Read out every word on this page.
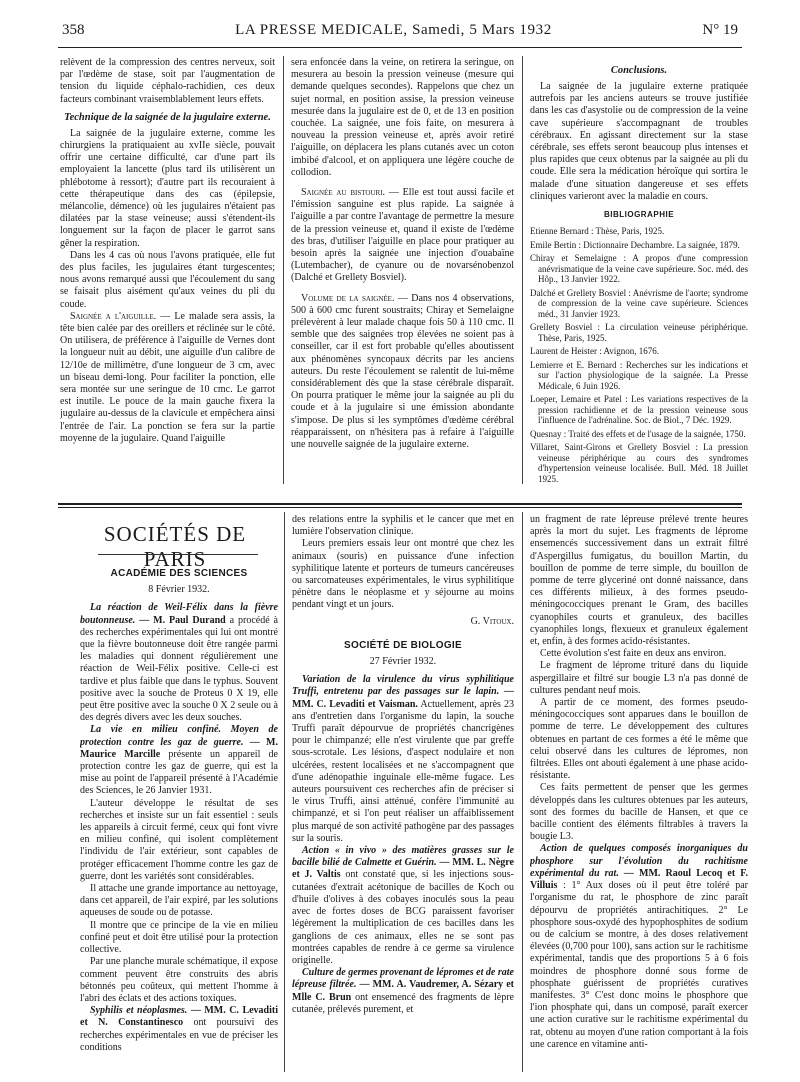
358	LA PRESSE MEDICALE, Samedi, 5 Mars 1932	N° 19

relèvent de la compression des centres nerveux, soit par l'œdème de stase, soit par l'augmentation de tension du liquide céphalo-rachidien, ces deux facteurs combinant vraisemblablement leurs effets.

Technique de la saignée de la jugulaire externe.

La saignée de la jugulaire externe, comme les chirurgiens la pratiquaient au xvIIe siècle, pouvait offrir une certaine difficulté, car d'une part ils employaient la lancette (plus tard ils utilisèrent un phlébotome à ressort); d'autre part ils recouraient à cette thérapeutique dans des cas (épilepsie, mélancolie, démence) où les jugulaires n'étaient pas dilatées par la stase veineuse; aussi s'étendent-ils longuement sur la façon de placer le garrot sans gêner la respiration.

Dans les 4 cas où nous l'avons pratiquée, elle fut des plus faciles, les jugulaires étant turgescentes; nous avons remarqué aussi que l'écoulement du sang se faisait plus aisément qu'aux veines du pli du coude.

Saignée a l'aiguille. — Le malade sera assis, la tête bien calée par des oreillers et réclinée sur le côté. On utilisera, de préférence à l'aiguille de Vernes dont la longueur nuit au débit, une aiguille d'un calibre de 12/10e de millimètre, d'une longueur de 3 cm, avec un biseau demi-long. Pour faciliter la ponction, elle sera montée sur une seringue de 10 cmc. Le garrot est inutile. Le pouce de la main gauche fixera la jugulaire au-dessus de la clavicule et empêchera ainsi l'entrée de l'air. La ponction se fera sur la partie moyenne de la jugulaire. Quand l'aiguille

sera enfoncée dans la veine, on retirera la seringue, on mesurera au besoin la pression veineuse (mesure qui demande quelques secondes). Rappelons que chez un sujet normal, en position assise, la pression veineuse mesurée dans la jugulaire est de 0, et de 13 en position couchée. La saignée, une fois faite, on mesurera à nouveau la pression veineuse et, après avoir retiré l'aiguille, on déplacera les plans cutanés avec un coton imbibé d'alcool, et on appliquera une légère couche de collodion.

Saignée au bistouri. — Elle est tout aussi facile et l'émission sanguine est plus rapide. La saignée à l'aiguille a par contre l'avantage de permettre la mesure de la pression veineuse et, quand il existe de l'œdème des bras, d'utiliser l'aiguille en place pour pratiquer au besoin après la saignée une injection d'ouabaïne (Lutembacher), de cyanure ou de novarsénobenzol (Dalché et Grellety Bosviel).

Volume de la saignée. — Dans nos 4 observations, 500 à 600 cmc furent soustraits; Chiray et Semelaigne prélevèrent à leur malade chaque fois 50 à 110 cmc. Il semble que des saignées trop élevées ne soient pas à conseiller, car il est fort probable qu'elles aboutissent aux phénomènes syncopaux décrits par les anciens auteurs. Du reste l'écoulement se ralentit de lui-même considérablement dès que la stase cérébrale disparaît. On pourra pratiquer le même jour la saignée au pli du coude et à la jugulaire si une émission abondante s'impose. De plus si les symptômes d'œdème cérébral réapparaissent, on n'hésitera pas à refaire à l'aiguille une nouvelle saignée de la jugulaire externe.

Conclusions.

La saignée de la jugulaire externe pratiquée autrefois par les anciens auteurs se trouve justifiée dans les cas d'asystolie ou de compression de la veine cave supérieure s'accompagnant de troubles cérébraux. En agissant directement sur la stase cérébrale, ses effets seront beaucoup plus intenses et plus rapides que ceux obtenus par la saignée au pli du coude. Elle sera la médication héroïque qui sortira le malade d'une situation dangereuse et ses effets cliniques varieront avec la maladie en cours.

BIBLIOGRAPHIE
Etienne Bernard : Thèse, Paris, 1925.
Emile Bertin : Dictionnaire Dechambre. La saignée, 1879.
Chiray et Semelaigne : A propos d'une compression anévrismatique de la veine cave supérieure. Soc. méd. des Hôp., 13 Janvier 1922.
Dalché et Grellety Bosviel : Anévrisme de l'aorte; syndrome de compression de la veine cave supérieure. Sciences méd., 31 Janvier 1923.
Grellety Bosviel : La circulation veineuse périphérique. Thèse, Paris, 1925.
Laurent de Heister : Avignon, 1676.
Lemierre et E. Bernard : Recherches sur les indications et sur l'action physiologique de la saignée. La Presse Médicale, 6 Juin 1926.
Loeper, Lemaire et Patel : Les variations respectives de la pression rachidienne et de la pression veineuse sous l'influence de l'adrénaline. Soc. de Biol., 7 Déc. 1929.
Quesnay : Traité des effets et de l'usage de la saignée, 1750.
Villaret, Saint-Girons et Grellety Bosviel : La pression veineuse périphérique au cours des syndromes d'hypertension veineuse localisée. Bull. Méd. 18 Juillet 1925.
SOCIÉTÉS DE PARIS
ACADÉMIE DES SCIENCES
8 Février 1932.

La réaction de Weil-Félix dans la fièvre boutonneuse. — M. Paul Durand a procédé à des recherches expérimentales qui lui ont montré que la fièvre boutonneuse doit être rangée parmi les maladies qui donnent régulièrement une réaction de Weil-Félix positive. Celle-ci est tardive et plus faible que dans le typhus. Souvent positive avec la souche de Proteus 0 X 19, elle peut être positive avec la souche 0 X 2 seule ou à des degrés divers avec les deux souches.

La vie en milieu confiné. Moyen de protection contre les gaz de guerre. — M. Maurice Marcille présente un appareil de protection contre les gaz de guerre, qui est la mise au point de l'appareil présenté à l'Académie des Sciences, le 26 Janvier 1931.

L'auteur développe le résultat de ses recherches et insiste sur un fait essentiel : seuls les appareils à circuit fermé, ceux qui font vivre en milieu confiné, qui isolent complètement l'individu de l'air extérieur, sont capables de protéger efficacement l'homme contre les gaz de guerre, dont les variétés sont considérables.

Il attache une grande importance au nettoyage, dans cet appareil, de l'air expiré, par les solutions aqueuses de soude ou de potasse.

Il montre que ce principe de la vie en milieu confiné peut et doit être utilisé pour la protection collective.

Par une planche murale schématique, il expose comment peuvent être construits des abris bétonnés peu coûteux, qui mettent l'homme à l'abri des éclats et des actions toxiques.

Syphilis et néoplasmes. — MM. C. Levaditi et N. Constantinesco ont poursuivi des recherches expérimentales en vue de préciser les conditions

des relations entre la syphilis et le cancer que met en lumière l'observation clinique.

Leurs premiers essais leur ont montré que chez les animaux (souris) en puissance d'une infection syphilitique latente et porteurs de tumeurs cancéreuses ou sarcomateuses expérimentales, le virus syphilitique pénètre dans le néoplasme et y séjourne au moins pendant vingt et un jours.

G. Vitoux.
SOCIÉTÉ DE BIOLOGIE
27 Février 1932.

Variation de la virulence du virus syphilitique Truffi, entretenu par des passages sur le lapin. — MM. C. Levaditi et Vaisman. Actuellement, après 23 ans d'entretien dans l'organisme du lapin, la souche Truffi paraît dépourvue de propriétés chancrigènes pour le chimpanzé; elle n'est virulente que par greffe sous-scrotale. Les lésions, d'aspect nodulaire et non ulcérées, restent localisées et ne s'accompagnent que d'une adénopathie inguinale elle-même fugace. Les auteurs poursuivent ces recherches afin de préciser si le virus Truffi, ainsi atténué, confère l'immunité au chimpanzé, et si l'on peut réaliser un affaiblissement plus marqué de son activité pathogène par des passages sur la souris.

Action « in vivo » des matières grasses sur le bacille bilié de Calmette et Guérin. — MM. L. Nègre et J. Valtis ont constaté que, si les injections sous-cutanées d'extrait acétonique de bacilles de Koch ou d'huile d'olives à des cobayes inoculés sous la peau avec de fortes doses de BCG paraissent favoriser légèrement la multiplication de ces bacilles dans les ganglions de ces animaux, elles ne se sont pas montrées capables de rendre à ce germe sa virulence originelle.

Culture de germes provenant de lépromes et de rate lépreuse filtrée. — MM. A. Vaudremer, A. Sézary et Mlle C. Brun ont ensemencé des fragments de lèpre cutanée, prélevés purement, et

un fragment de rate lépreuse prélevé trente heures après la mort du sujet. Les fragments de léprome ensemencés successivement dans un extrait filtré d'Aspergillus fumigatus, du bouillon Martin, du bouillon de pomme de terre simple, du bouillon de pomme de terre glyceriné ont donné naissance, dans ces différents milieux, à des formes pseudo-méningococciques prenant le Gram, des bacilles cyanophiles courts et granuleux, des bacilles cyanophiles longs, flexueux et granuleux également et, enfin, à des formes acido-résistantes.

Cette évolution s'est faite en deux ans environ.

Le fragment de léprome trituré dans du liquide aspergillaire et filtré sur bougie L3 n'a pas donné de cultures pendant neuf mois.

A partir de ce moment, des formes pseudo-méningococciques sont apparues dans le bouillon de pomme de terre. Le développement des cultures obtenues en partant de ces formes a été le même que celui observé dans les cultures de lépromes, non filtrées. Elles ont abouti également à une phase acido-résistante.

Ces faits permettent de penser que les germes développés dans les cultures obtenues par les auteurs, sont des formes du bacille de Hansen, et que ce bacille contient des éléments filtrables à travers la bougie L3.

Action de quelques composés inorganiques du phosphore sur l'évolution du rachitisme expérimental du rat. — MM. Raoul Lecoq et F. Villuis : 1° Aux doses où il peut être toléré par l'organisme du rat, le phosphore de zinc paraît dépourvu de propriétés antirachitiques. 2° Le phosphore sous-oxydé des hypophosphites de sodium ou de calcium se montre, à des doses relativement élevées (0,700 pour 100), sans action sur le rachitisme expérimental, tandis que des proportions 5 à 6 fois moindres de phosphore donné sous forme de phosphate guérissent de propriétés curatives manifestes. 3° C'est donc moins le phosphore que l'ion phosphate qui, dans un composé, paraît exercer une action curative sur le rachitisme expérimental du rat, obtenu au moyen d'une ration comportant à la fois une carence en vitamine anti-
